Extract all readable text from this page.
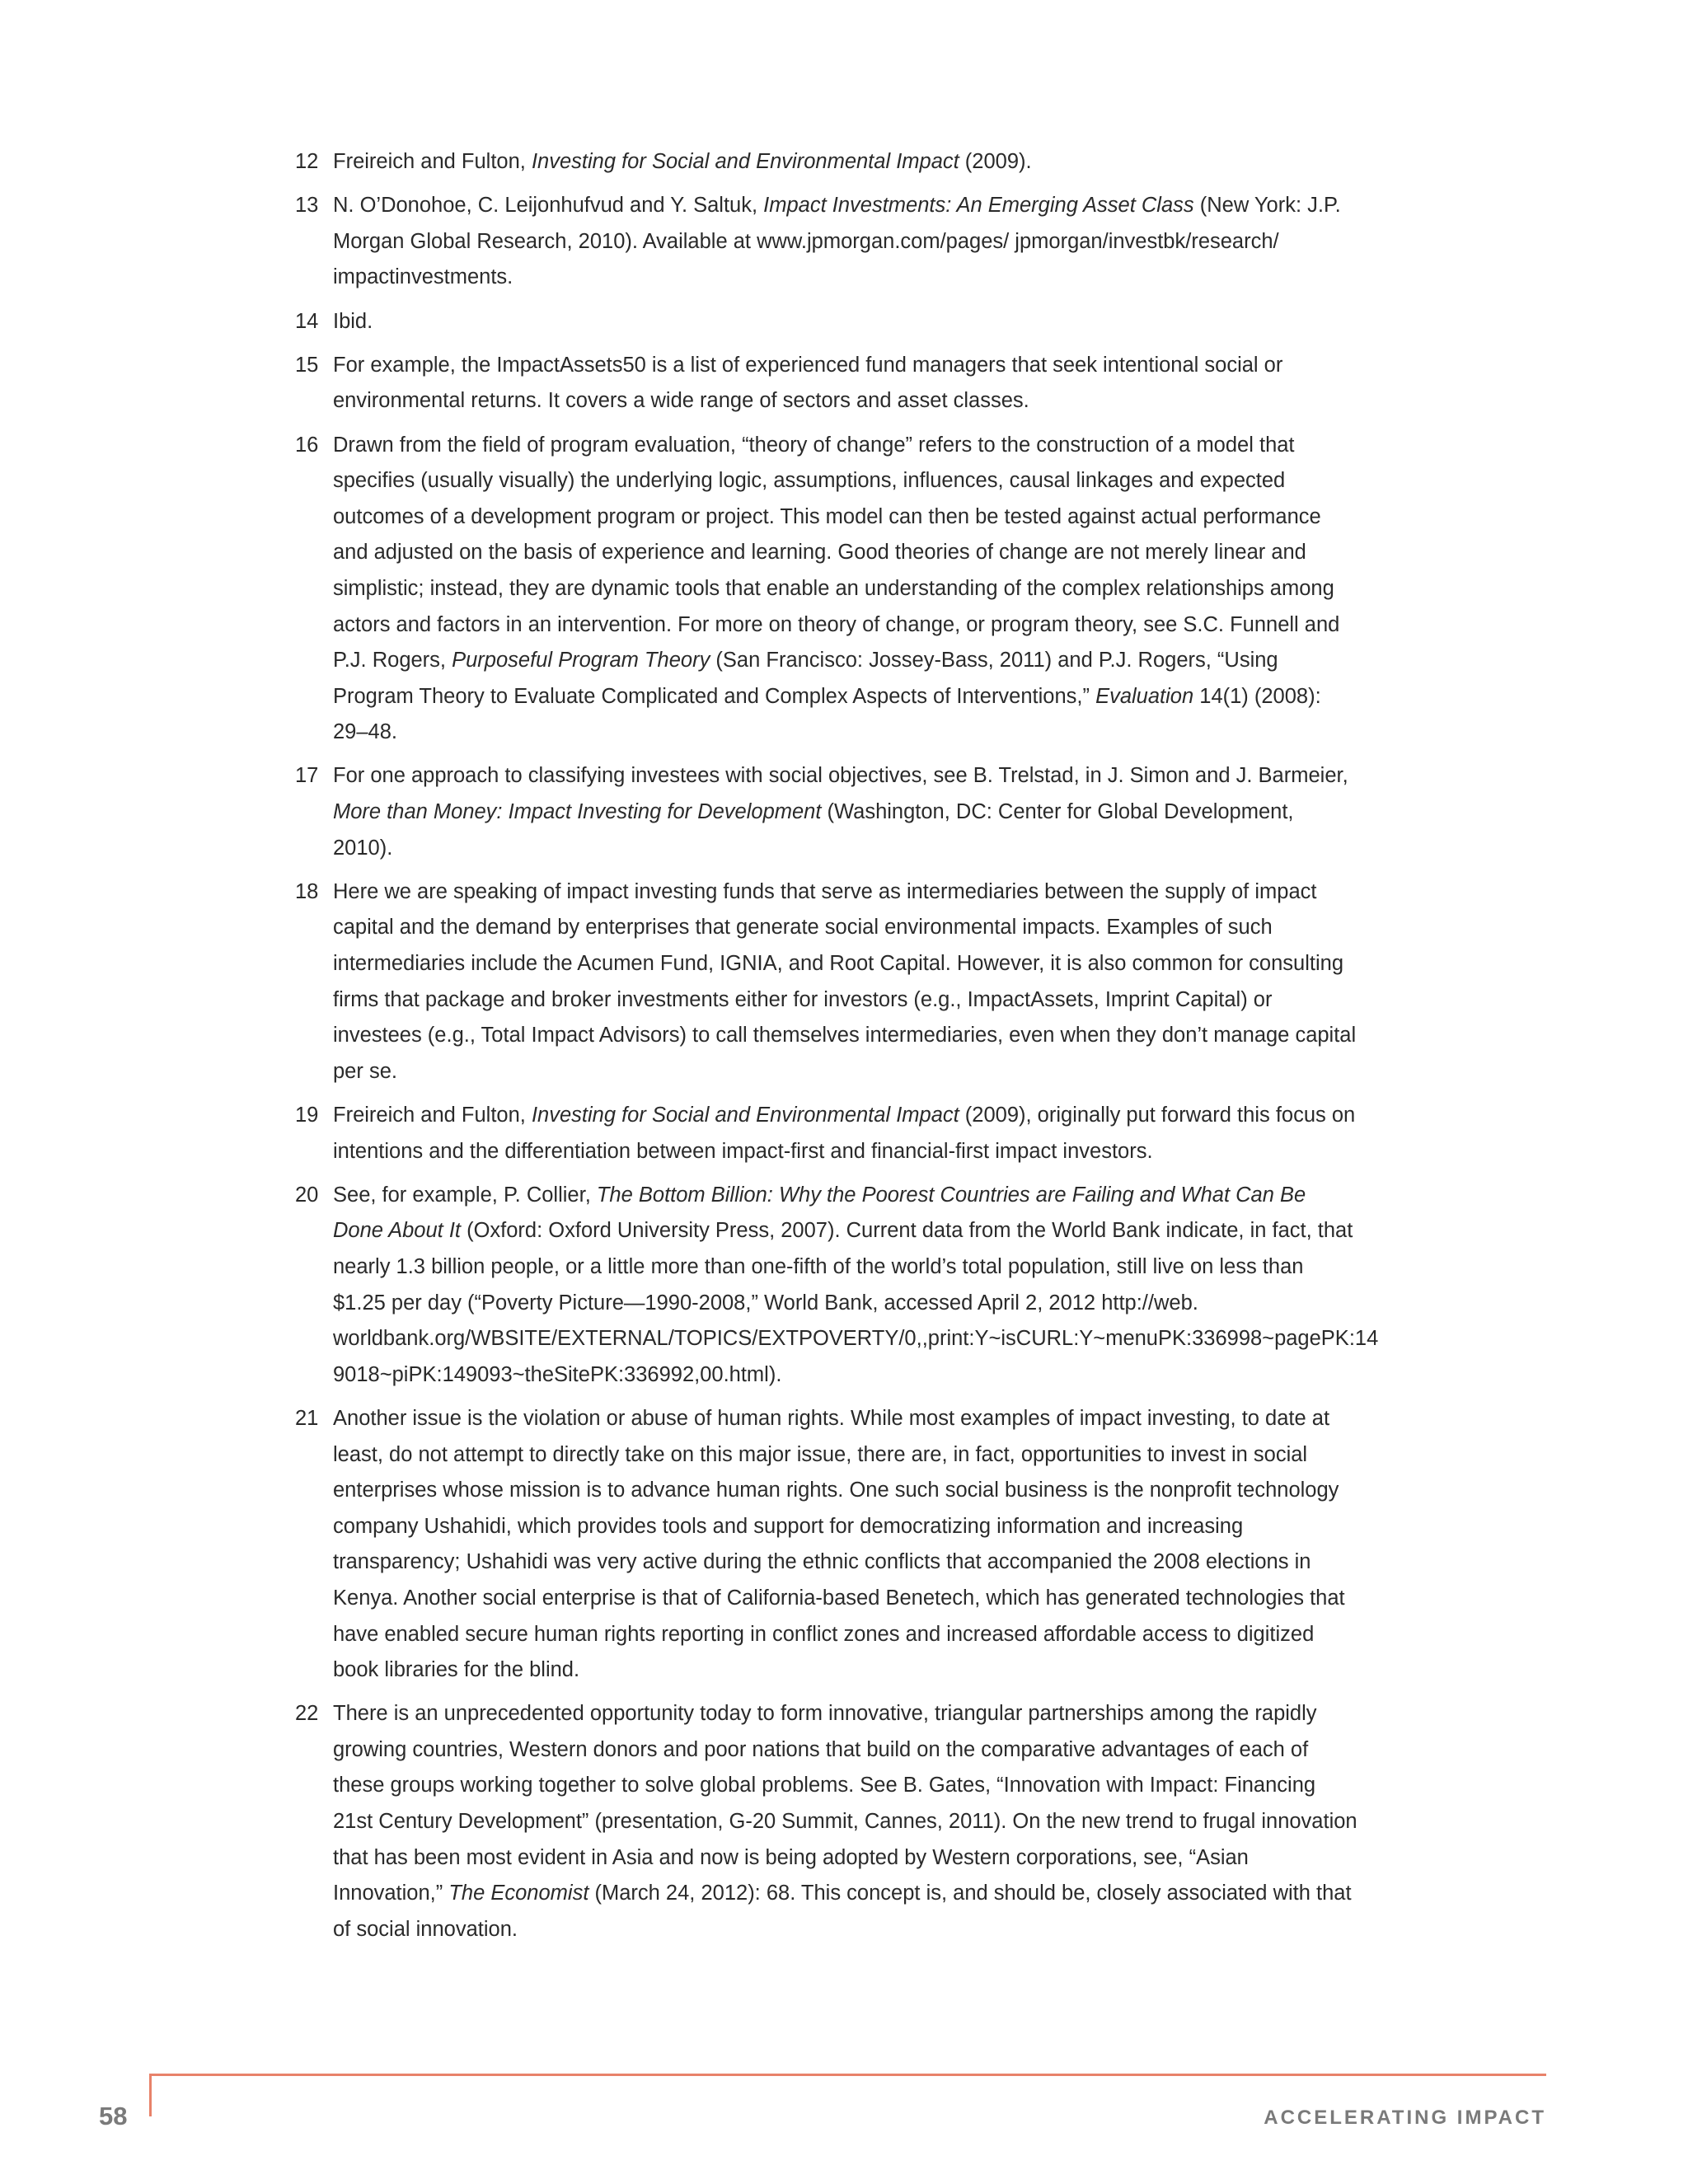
12 Freireich and Fulton, Investing for Social and Environmental Impact (2009).
13 N. O’Donohoe, C. Leijonhufvud and Y. Saltuk, Impact Investments: An Emerging Asset Class (New York: J.P. Morgan Global Research, 2010). Available at www.jpmorgan.com/pages/ jpmorgan/investbk/research/ impactinvestments.
14 Ibid.
15 For example, the ImpactAssets50 is a list of experienced fund managers that seek intentional social or environmental returns. It covers a wide range of sectors and asset classes.
16 Drawn from the field of program evaluation, “theory of change” refers to the construction of a model that specifies (usually visually) the underlying logic, assumptions, influences, causal linkages and expected outcomes of a development program or project. This model can then be tested against actual performance and adjusted on the basis of experience and learning. Good theories of change are not merely linear and simplistic; instead, they are dynamic tools that enable an understanding of the complex relationships among actors and factors in an intervention. For more on theory of change, or program theory, see S.C. Funnell and P.J. Rogers, Purposeful Program Theory (San Francisco: Jossey-Bass, 2011) and P.J. Rogers, “Using Program Theory to Evaluate Complicated and Complex Aspects of Interventions,” Evaluation 14(1) (2008): 29–48.
17 For one approach to classifying investees with social objectives, see B. Trelstad, in J. Simon and J. Barmeier, More than Money: Impact Investing for Development (Washington, DC: Center for Global Development, 2010).
18 Here we are speaking of impact investing funds that serve as intermediaries between the supply of impact capital and the demand by enterprises that generate social environmental impacts. Examples of such intermediaries include the Acumen Fund, IGNIA, and Root Capital. However, it is also common for consulting firms that package and broker investments either for investors (e.g., ImpactAssets, Imprint Capital) or investees (e.g., Total Impact Advisors) to call themselves intermediaries, even when they don’t manage capital per se.
19 Freireich and Fulton, Investing for Social and Environmental Impact (2009), originally put forward this focus on intentions and the differentiation between impact-first and financial-first impact investors.
20 See, for example, P. Collier, The Bottom Billion: Why the Poorest Countries are Failing and What Can Be Done About It (Oxford: Oxford University Press, 2007). Current data from the World Bank indicate, in fact, that nearly 1.3 billion people, or a little more than one-fifth of the world’s total population, still live on less than $1.25 per day (“Poverty Picture—1990-2008,” World Bank, accessed April 2, 2012 http://web. worldbank.org/WBSITE/EXTERNAL/TOPICS/EXTPOVERTY/0,,print:Y~isCURL:Y~menuPK:336998~pagePK:14 9018~piPK:149093~theSitePK:336992,00.html).
21 Another issue is the violation or abuse of human rights. While most examples of impact investing, to date at least, do not attempt to directly take on this major issue, there are, in fact, opportunities to invest in social enterprises whose mission is to advance human rights. One such social business is the nonprofit technology company Ushahidi, which provides tools and support for democratizing information and increasing transparency; Ushahidi was very active during the ethnic conflicts that accompanied the 2008 elections in Kenya. Another social enterprise is that of California-based Benetech, which has generated technologies that have enabled secure human rights reporting in conflict zones and increased affordable access to digitized book libraries for the blind.
22 There is an unprecedented opportunity today to form innovative, triangular partnerships among the rapidly growing countries, Western donors and poor nations that build on the comparative advantages of each of these groups working together to solve global problems. See B. Gates, “Innovation with Impact: Financing 21st Century Development” (presentation, G-20 Summit, Cannes, 2011). On the new trend to frugal innovation that has been most evident in Asia and now is being adopted by Western corporations, see, “Asian Innovation,” The Economist (March 24, 2012): 68. This concept is, and should be, closely associated with that of social innovation.
58	ACCELERATING IMPACT
